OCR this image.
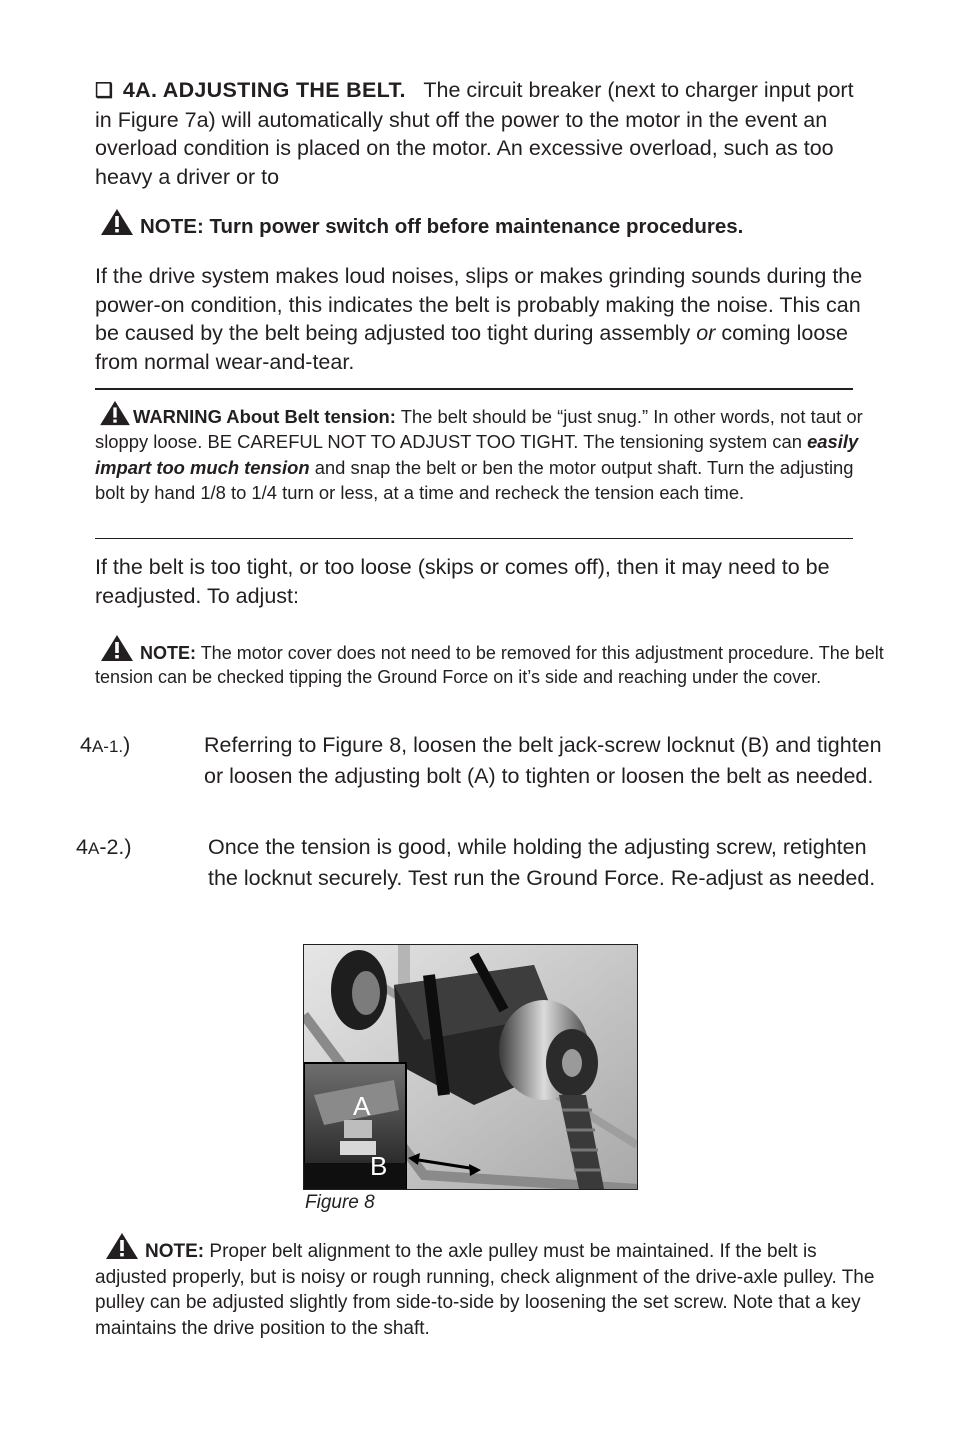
❑ 4A. ADJUSTING THE BELT. The circuit breaker (next to charger input port in Figure 7a) will automatically shut off the power to the motor in the event an overload condition is placed on the motor. An excessive overload, such as too heavy a driver or to
NOTE: Turn power switch off before maintenance procedures.
If the drive system makes loud noises, slips or makes grinding sounds during the power-on condition, this indicates the belt is probably making the noise. This can be caused by the belt being adjusted too tight during assembly or coming loose from normal wear-and-tear.
WARNING About Belt tension: The belt should be “just snug.” In other words, not taut or sloppy loose. BE CAREFUL NOT TO ADJUST TOO TIGHT. The tensioning system can easily impart too much tension and snap the belt or ben the motor output shaft. Turn the adjusting bolt by hand 1/8 to 1/4 turn or less, at a time and recheck the tension each time.
If the belt is too tight, or too loose (skips or comes off), then it may need to be readjusted. To adjust:
NOTE: The motor cover does not need to be removed for this adjustment procedure. The belt tension can be checked tipping the Ground Force on it’s side and reaching under the cover.
4A-1.)	Referring to Figure 8, loosen the belt jack-screw locknut (B) and tighten or loosen the adjusting bolt (A) to tighten or loosen the belt as needed.
4A-2.)	Once the tension is good, while holding the adjusting screw, retighten the locknut securely. Test run the Ground Force. Re-adjust as needed.
A
B
Figure 8
NOTE: Proper belt alignment to the axle pulley must be maintained. If the belt is adjusted properly, but is noisy or rough running, check alignment of the drive-axle pulley. The pulley can be adjusted slightly from side-to-side by loosening the set screw. Note that a key maintains the drive position to the shaft.
